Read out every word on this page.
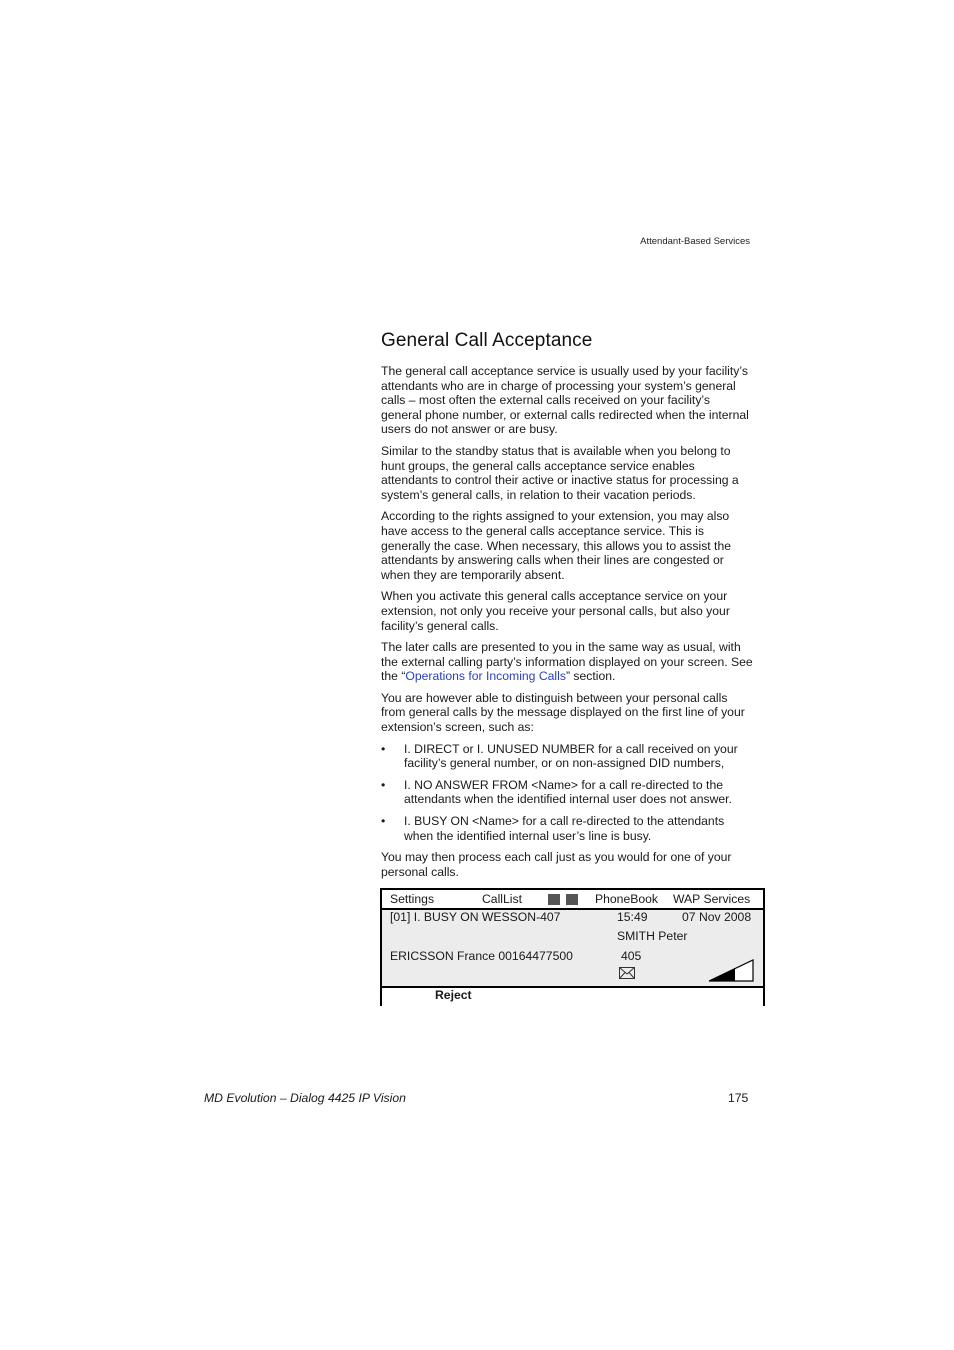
Attendant-Based Services
General Call Acceptance

The general call acceptance service is usually used by your facility’s attendants who are in charge of processing your system’s general calls – most often the external calls received on your facility’s general phone number, or external calls redirected when the internal users do not answer or are busy.

Similar to the standby status that is available when you belong to hunt groups, the general calls acceptance service enables attendants to control their active or inactive status for processing a system’s general calls, in relation to their vacation periods.

According to the rights assigned to your extension, you may also have access to the general calls acceptance service. This is generally the case. When necessary, this allows you to assist the attendants by answering calls when their lines are congested or when they are temporarily absent.

When you activate this general calls acceptance service on your extension, not only you receive your personal calls, but also your facility’s general calls.

The later calls are presented to you in the same way as usual, with the external calling party’s information displayed on your screen. See the “Operations for Incoming Calls” section.

You are however able to distinguish between your personal calls from general calls by the message displayed on the first line of your extension’s screen, such as:

• I. DIRECT or I. UNUSED NUMBER for a call received on your facility’s general number, or on non-assigned DID numbers,
• I. NO ANSWER FROM <Name> for a call re-directed to the attendants when the identified internal user does not answer.
• I. BUSY ON <Name> for a call re-directed to the attendants when the identified internal user’s line is busy.

You may then process each call just as you would for one of your personal calls.

Settings	CallList	PhoneBook WAP Services
[01] I. BUSY ON WESSON-407	15:49	07 Nov 2008
SMITH Peter
ERICSSON France 00164477500	405
Reject
MD Evolution – Dialog 4425 IP Vision	175
